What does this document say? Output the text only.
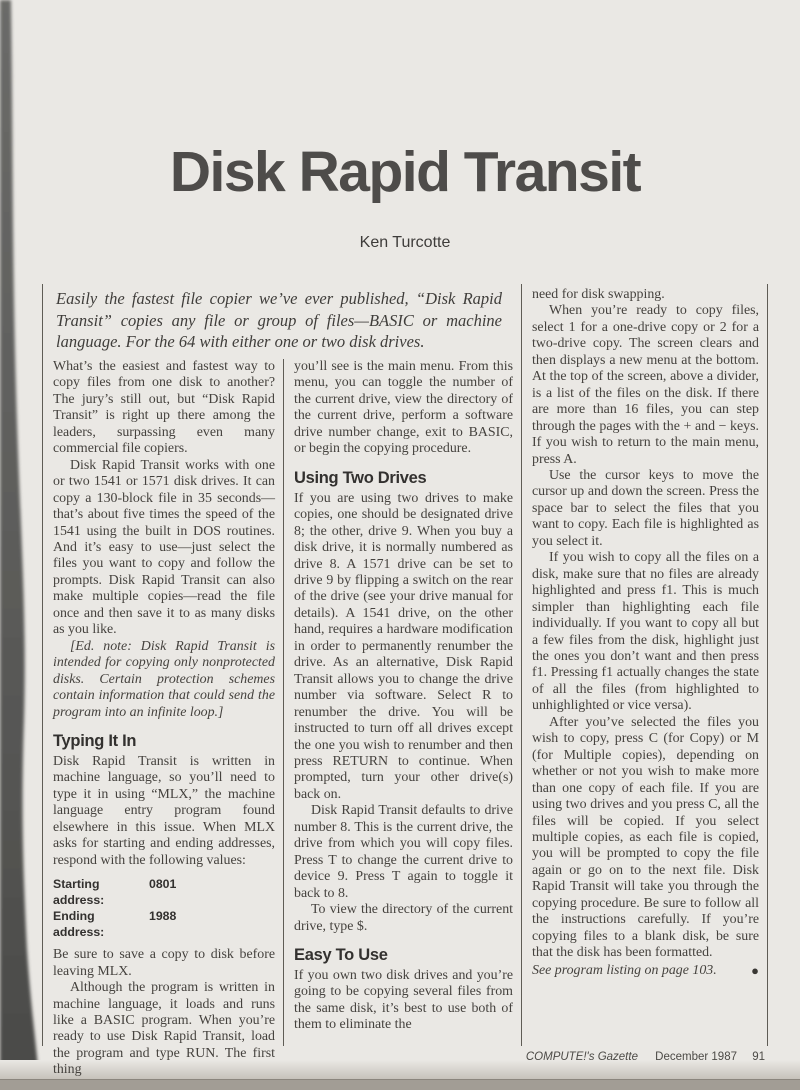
Disk Rapid Transit
Ken Turcotte
Easily the fastest file copier we’ve ever published, “Disk Rapid Transit” copies any file or group of files—BASIC or machine language. For the 64 with either one or two disk drives.

What’s the easiest and fastest way to copy files from one disk to another? The jury’s still out, but “Disk Rapid Transit” is right up there among the leaders, surpassing even many commercial file copiers.

Disk Rapid Transit works with one or two 1541 or 1571 disk drives. It can copy a 130-block file in 35 seconds—that’s about five times the speed of the 1541 using the built in DOS routines. And it’s easy to use—just select the files you want to copy and follow the prompts. Disk Rapid Transit can also make multiple copies—read the file once and then save it to as many disks as you like.

[Ed. note: Disk Rapid Transit is intended for copying only nonprotected disks. Certain protection schemes contain information that could send the program into an infinite loop.]

Typing It In

Disk Rapid Transit is written in machine language, so you’ll need to type it in using “MLX,” the machine language entry program found elsewhere in this issue. When MLX asks for starting and ending addresses, respond with the following values:

Starting address:
0801
Ending address:
1988

Be sure to save a copy to disk before leaving MLX.

Although the program is written in machine language, it loads and runs like a BASIC program. When you’re ready to use Disk Rapid Transit, load the program and type RUN. The first thing

you’ll see is the main menu. From this menu, you can toggle the number of the current drive, view the directory of the current drive, perform a software drive number change, exit to BASIC, or begin the copying procedure.

Using Two Drives

If you are using two drives to make copies, one should be designated drive 8; the other, drive 9. When you buy a disk drive, it is normally numbered as drive 8. A 1571 drive can be set to drive 9 by flipping a switch on the rear of the drive (see your drive manual for details). A 1541 drive, on the other hand, requires a hardware modification in order to permanently renumber the drive. As an alternative, Disk Rapid Transit allows you to change the drive number via software. Select R to renumber the drive. You will be instructed to turn off all drives except the one you wish to renumber and then press RETURN to continue. When prompted, turn your other drive(s) back on.

Disk Rapid Transit defaults to drive number 8. This is the current drive, the drive from which you will copy files. Press T to change the current drive to device 9. Press T again to toggle it back to 8.

To view the directory of the current drive, type $.

Easy To Use

If you own two disk drives and you’re going to be copying several files from the same disk, it’s best to use both of them to eliminate the

need for disk swapping.

When you’re ready to copy files, select 1 for a one-drive copy or 2 for a two-drive copy. The screen clears and then displays a new menu at the bottom. At the top of the screen, above a divider, is a list of the files on the disk. If there are more than 16 files, you can step through the pages with the + and − keys. If you wish to return to the main menu, press A.

Use the cursor keys to move the cursor up and down the screen. Press the space bar to select the files that you want to copy. Each file is highlighted as you select it.

If you wish to copy all the files on a disk, make sure that no files are already highlighted and press f1. This is much simpler than highlighting each file individually. If you want to copy all but a few files from the disk, highlight just the ones you don’t want and then press f1. Pressing f1 actually changes the state of all the files (from highlighted to unhighlighted or vice versa).

After you’ve selected the files you wish to copy, press C (for Copy) or M (for Multiple copies), depending on whether or not you wish to make more than one copy of each file. If you are using two drives and you press C, all the files will be copied. If you select multiple copies, as each file is copied, you will be prompted to copy the file again or go on to the next file. Disk Rapid Transit will take you through the copying procedure. Be sure to follow all the instructions carefully. If you’re copying files to a blank disk, be sure that the disk has been formatted.

See program listing on page 103.	●
COMPUTE!'s Gazette December 1987 91
